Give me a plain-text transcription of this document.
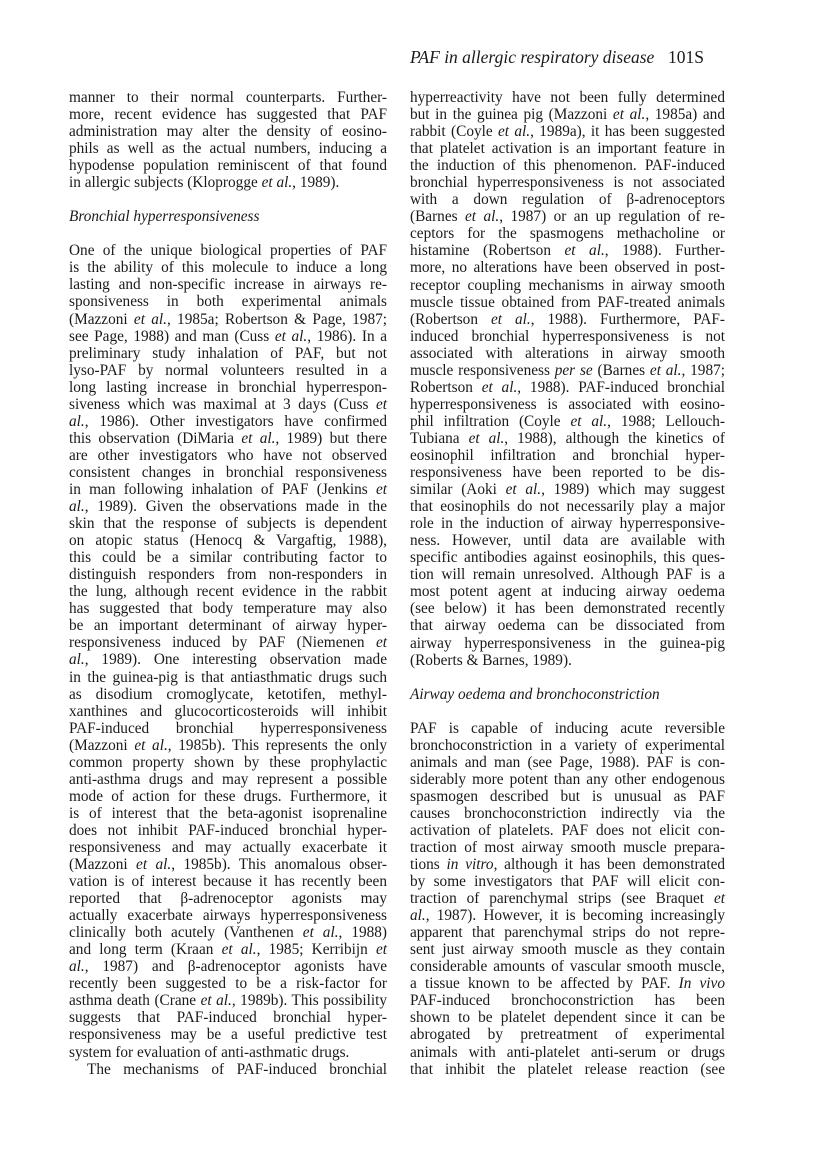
PAF in allergic respiratory disease 101S

manner to their normal counterparts. Further-
more, recent evidence has suggested that PAF
administration may alter the density of eosino-
phils as well as the actual numbers, inducing a
hypodense population reminiscent of that found
in allergic subjects (Kloprogge et al., 1989).

Bronchial hyperresponsiveness

One of the unique biological properties of PAF
is the ability of this molecule to induce a long
lasting and non-specific increase in airways re-
sponsiveness in both experimental animals
(Mazzoni et al., 1985a; Robertson & Page, 1987;
see Page, 1988) and man (Cuss et al., 1986). In a
preliminary study inhalation of PAF, but not
lyso-PAF by normal volunteers resulted in a
long lasting increase in bronchial hyperrespon-
siveness which was maximal at 3 days (Cuss et
al., 1986). Other investigators have confirmed
this observation (DiMaria et al., 1989) but there
are other investigators who have not observed
consistent changes in bronchial responsiveness
in man following inhalation of PAF (Jenkins et
al., 1989). Given the observations made in the
skin that the response of subjects is dependent
on atopic status (Henocq & Vargaftig, 1988),
this could be a similar contributing factor to
distinguish responders from non-responders in
the lung, although recent evidence in the rabbit
has suggested that body temperature may also
be an important determinant of airway hyper-
responsiveness induced by PAF (Niemenen et
al., 1989). One interesting observation made
in the guinea-pig is that antiasthmatic drugs such
as disodium cromoglycate, ketotifen, methyl-
xanthines and glucocorticosteroids will inhibit
PAF-induced bronchial hyperresponsiveness
(Mazzoni et al., 1985b). This represents the only
common property shown by these prophylactic
anti-asthma drugs and may represent a possible
mode of action for these drugs. Furthermore, it
is of interest that the beta-agonist isoprenaline
does not inhibit PAF-induced bronchial hyper-
responsiveness and may actually exacerbate it
(Mazzoni et al., 1985b). This anomalous obser-
vation is of interest because it has recently been
reported that β-adrenoceptor agonists may
actually exacerbate airways hyperresponsiveness
clinically both acutely (Vanthenen et al., 1988)
and long term (Kraan et al., 1985; Kerribijn et
al., 1987) and β-adrenoceptor agonists have
recently been suggested to be a risk-factor for
asthma death (Crane et al., 1989b). This possibility
suggests that PAF-induced bronchial hyper-
responsiveness may be a useful predictive test
system for evaluation of anti-asthmatic drugs.

The mechanisms of PAF-induced bronchial

hyperreactivity have not been fully determined
but in the guinea pig (Mazzoni et al., 1985a) and
rabbit (Coyle et al., 1989a), it has been suggested
that platelet activation is an important feature in
the induction of this phenomenon. PAF-induced
bronchial hyperresponsiveness is not associated
with a down regulation of β-adrenoceptors
(Barnes et al., 1987) or an up regulation of re-
ceptors for the spasmogens methacholine or
histamine (Robertson et al., 1988). Further-
more, no alterations have been observed in post-
receptor coupling mechanisms in airway smooth
muscle tissue obtained from PAF-treated animals
(Robertson et al., 1988). Furthermore, PAF-
induced bronchial hyperresponsiveness is not
associated with alterations in airway smooth
muscle responsiveness per se (Barnes et al., 1987;
Robertson et al., 1988). PAF-induced bronchial
hyperresponsiveness is associated with eosino-
phil infiltration (Coyle et al., 1988; Lellouch-
Tubiana et al., 1988), although the kinetics of
eosinophil infiltration and bronchial hyper-
responsiveness have been reported to be dis-
similar (Aoki et al., 1989) which may suggest
that eosinophils do not necessarily play a major
role in the induction of airway hyperresponsive-
ness. However, until data are available with
specific antibodies against eosinophils, this ques-
tion will remain unresolved. Although PAF is a
most potent agent at inducing airway oedema
(see below) it has been demonstrated recently
that airway oedema can be dissociated from
airway hyperresponsiveness in the guinea-pig
(Roberts & Barnes, 1989).

Airway oedema and bronchoconstriction

PAF is capable of inducing acute reversible
bronchoconstriction in a variety of experimental
animals and man (see Page, 1988). PAF is con-
siderably more potent than any other endogenous
spasmogen described but is unusual as PAF
causes bronchoconstriction indirectly via the
activation of platelets. PAF does not elicit con-
traction of most airway smooth muscle prepara-
tions in vitro, although it has been demonstrated
by some investigators that PAF will elicit con-
traction of parenchymal strips (see Braquet et
al., 1987). However, it is becoming increasingly
apparent that parenchymal strips do not repre-
sent just airway smooth muscle as they contain
considerable amounts of vascular smooth muscle,
a tissue known to be affected by PAF. In vivo
PAF-induced bronchoconstriction has been
shown to be platelet dependent since it can be
abrogated by pretreatment of experimental
animals with anti-platelet anti-serum or drugs
that inhibit the platelet release reaction (see
